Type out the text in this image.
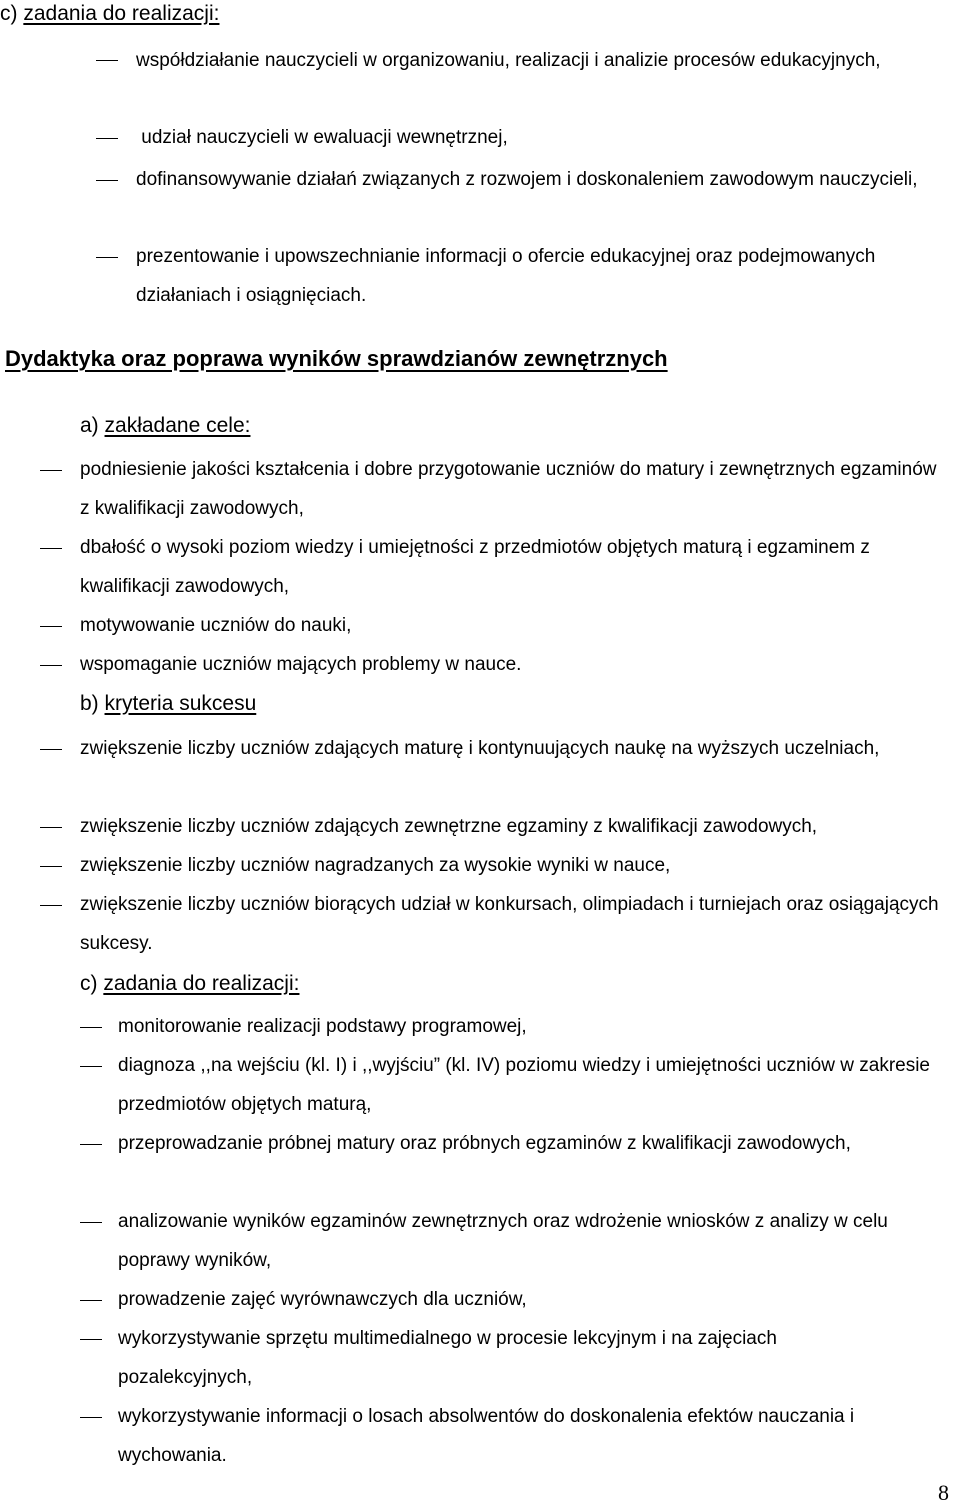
c) zadania do realizacji:
współdziałanie nauczycieli w organizowaniu, realizacji i analizie procesów edukacyjnych,
udział nauczycieli w ewaluacji wewnętrznej,
dofinansowywanie działań związanych z rozwojem i doskonaleniem zawodowym nauczycieli,
prezentowanie i upowszechnianie informacji o ofercie edukacyjnej oraz podejmowanych działaniach i osiągnięciach.
Dydaktyka oraz poprawa wyników sprawdzianów zewnętrznych
a) zakładane cele:
podniesienie jakości kształcenia i dobre przygotowanie uczniów do matury i zewnętrznych egzaminów z kwalifikacji zawodowych,
dbałość o wysoki poziom wiedzy i umiejętności z przedmiotów objętych maturą i egzaminem z kwalifikacji zawodowych,
motywowanie uczniów do nauki,
wspomaganie uczniów mających problemy w nauce.
b) kryteria sukcesu
zwiększenie liczby uczniów zdających maturę i kontynuujących naukę na wyższych uczelniach,
zwiększenie liczby uczniów zdających zewnętrzne egzaminy z kwalifikacji zawodowych,
zwiększenie liczby uczniów nagradzanych za wysokie wyniki w nauce,
zwiększenie liczby uczniów biorących udział w konkursach, olimpiadach i turniejach oraz osiągających sukcesy.
c) zadania do realizacji:
monitorowanie realizacji podstawy programowej,
diagnoza ,,na wejściu (kl. I) i ,,wyjściu” (kl. IV) poziomu wiedzy i umiejętności uczniów w zakresie przedmiotów objętych maturą,
przeprowadzanie próbnej matury oraz próbnych egzaminów z kwalifikacji zawodowych,
analizowanie wyników egzaminów zewnętrznych oraz wdrożenie wniosków z analizy w celu poprawy wyników,
prowadzenie zajęć wyrównawczych dla uczniów,
wykorzystywanie sprzętu multimedialnego w procesie lekcyjnym i na zajęciach pozalekcyjnych,
wykorzystywanie informacji o losach absolwentów do doskonalenia efektów nauczania i wychowania.
8
